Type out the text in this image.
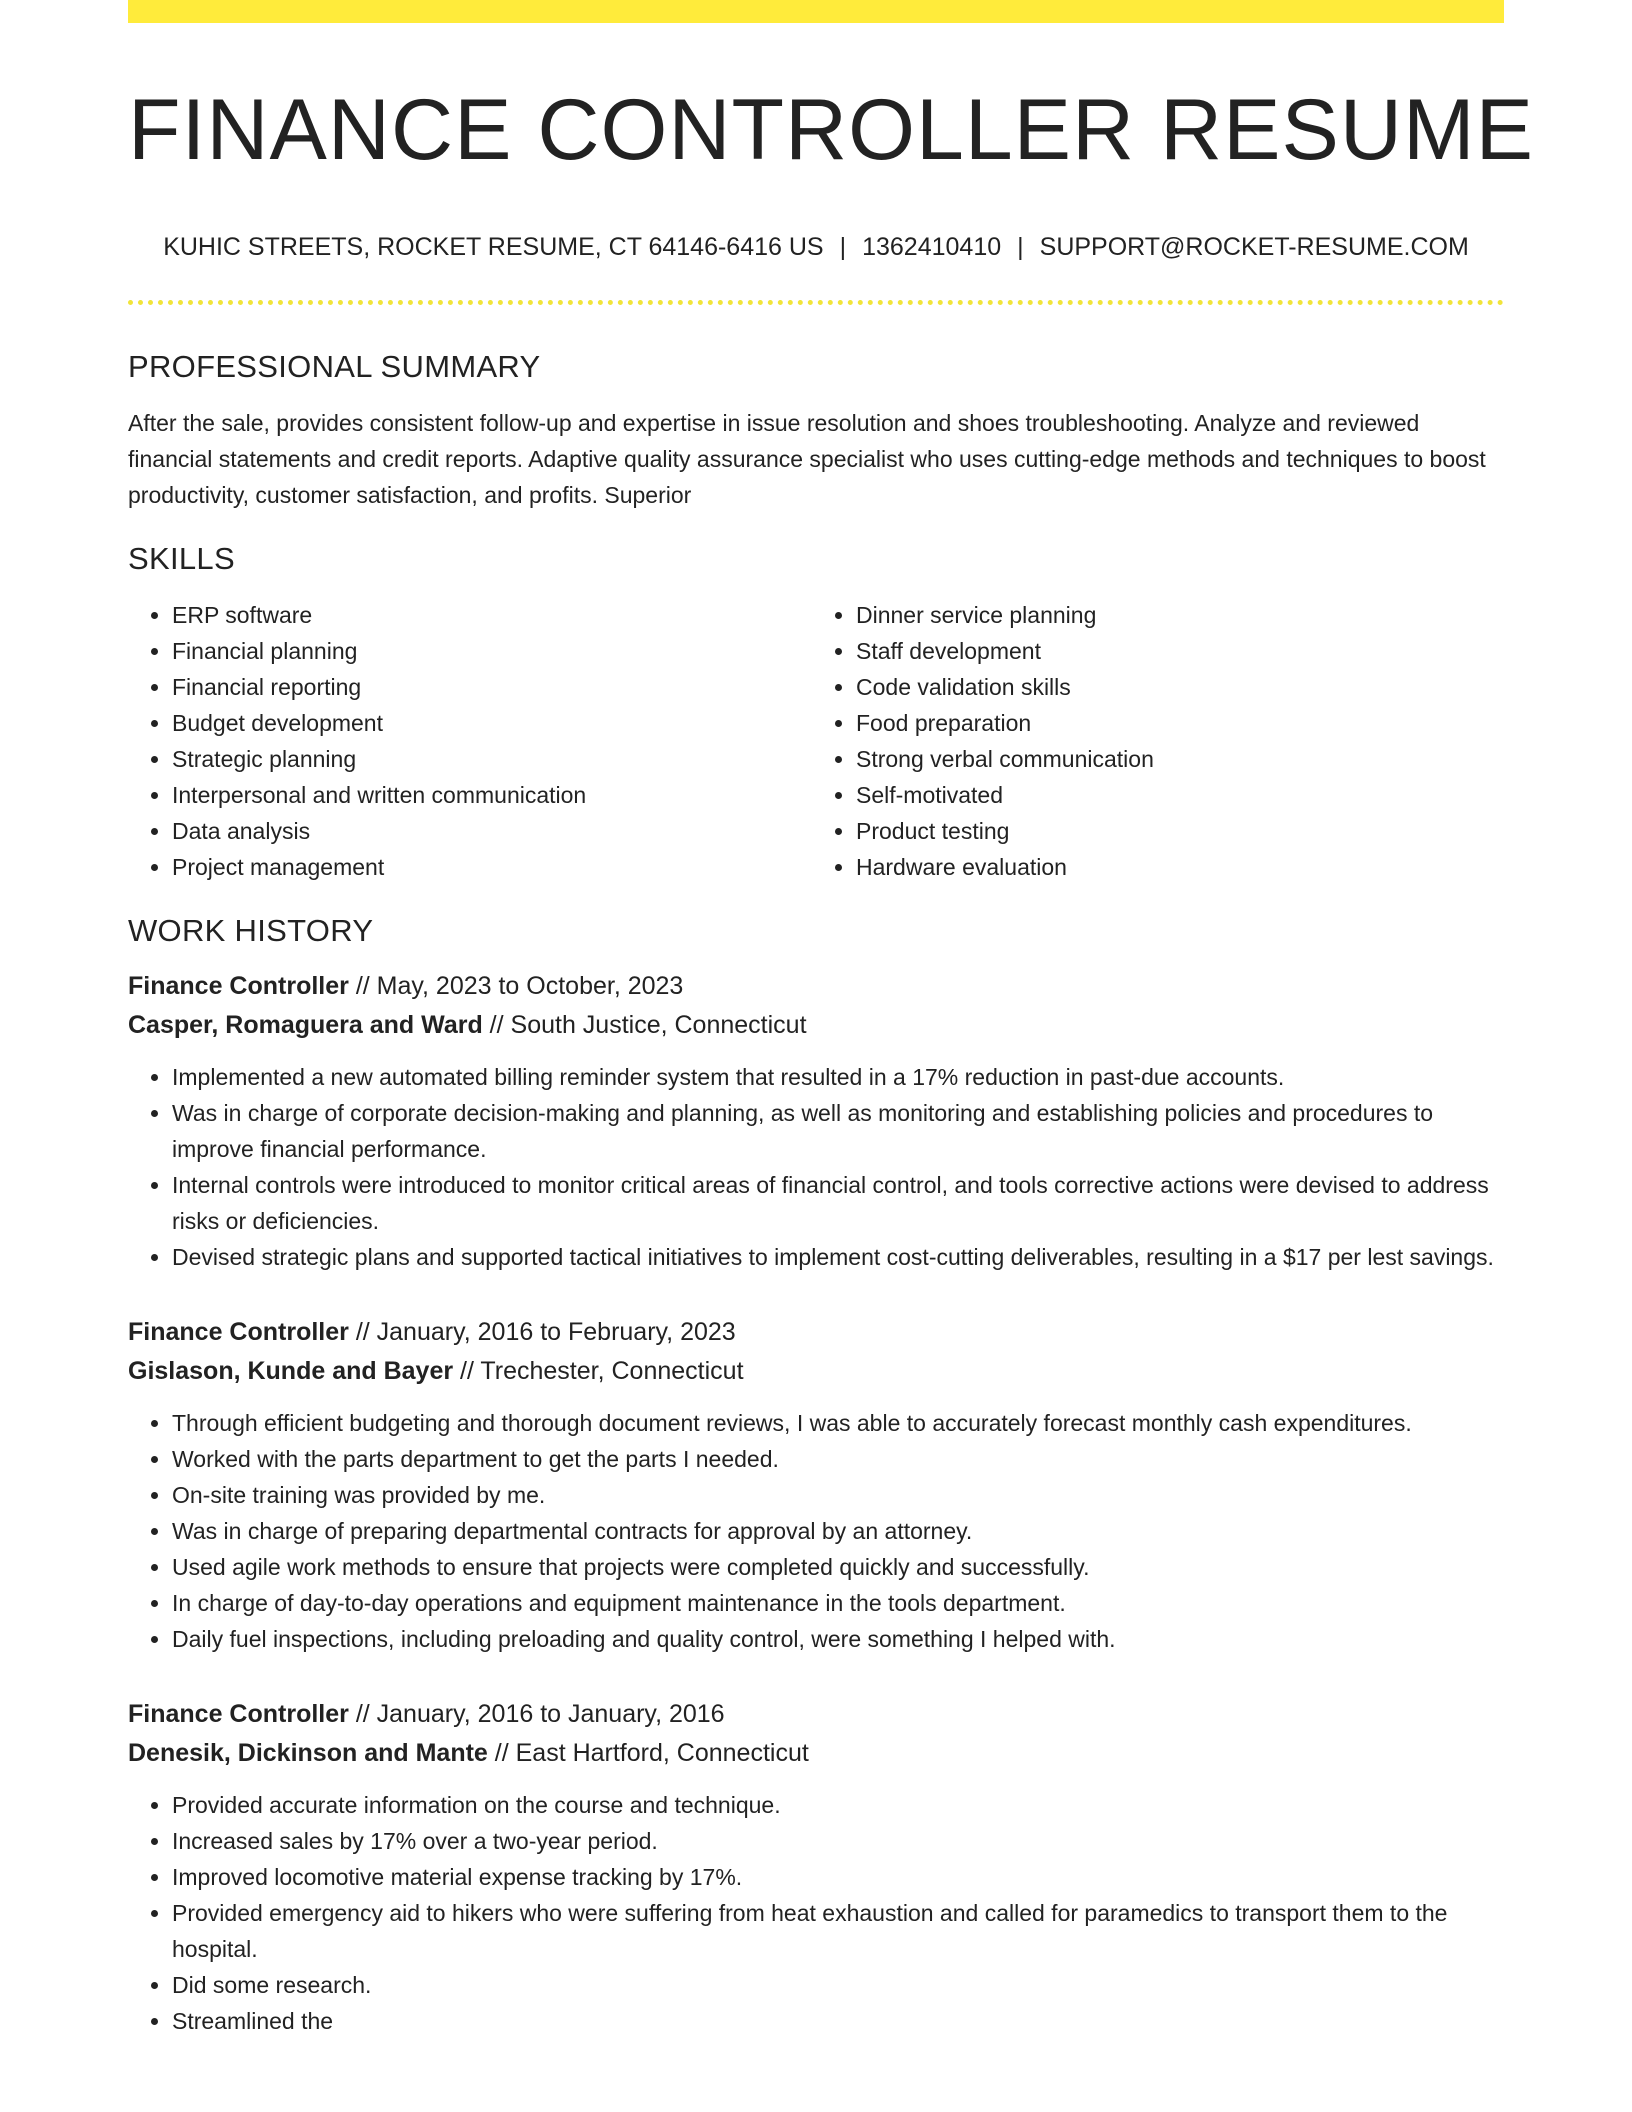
FINANCE CONTROLLER RESUME
KUHIC STREETS, ROCKET RESUME, CT 64146-6416 US | 1362410410 | SUPPORT@ROCKET-RESUME.COM
PROFESSIONAL SUMMARY
After the sale, provides consistent follow-up and expertise in issue resolution and shoes troubleshooting. Analyze and reviewed financial statements and credit reports. Adaptive quality assurance specialist who uses cutting-edge methods and techniques to boost productivity, customer satisfaction, and profits. Superior
SKILLS
• ERP software
• Financial planning
• Financial reporting
• Budget development
• Strategic planning
• Interpersonal and written communication
• Data analysis
• Project management
• Dinner service planning
• Staff development
• Code validation skills
• Food preparation
• Strong verbal communication
• Self-motivated
• Product testing
• Hardware evaluation
WORK HISTORY
Finance Controller // May, 2023 to October, 2023
Casper, Romaguera and Ward // South Justice, Connecticut
• Implemented a new automated billing reminder system that resulted in a 17% reduction in past-due accounts.
• Was in charge of corporate decision-making and planning, as well as monitoring and establishing policies and procedures to improve financial performance.
• Internal controls were introduced to monitor critical areas of financial control, and tools corrective actions were devised to address risks or deficiencies.
• Devised strategic plans and supported tactical initiatives to implement cost-cutting deliverables, resulting in a $17 per lest savings.
Finance Controller // January, 2016 to February, 2023
Gislason, Kunde and Bayer // Trechester, Connecticut
• Through efficient budgeting and thorough document reviews, I was able to accurately forecast monthly cash expenditures.
• Worked with the parts department to get the parts I needed.
• On-site training was provided by me.
• Was in charge of preparing departmental contracts for approval by an attorney.
• Used agile work methods to ensure that projects were completed quickly and successfully.
• In charge of day-to-day operations and equipment maintenance in the tools department.
• Daily fuel inspections, including preloading and quality control, were something I helped with.
Finance Controller // January, 2016 to January, 2016
Denesik, Dickinson and Mante // East Hartford, Connecticut
• Provided accurate information on the course and technique.
• Increased sales by 17% over a two-year period.
• Improved locomotive material expense tracking by 17%.
• Provided emergency aid to hikers who were suffering from heat exhaustion and called for paramedics to transport them to the hospital.
• Did some research.
• Streamlined the
